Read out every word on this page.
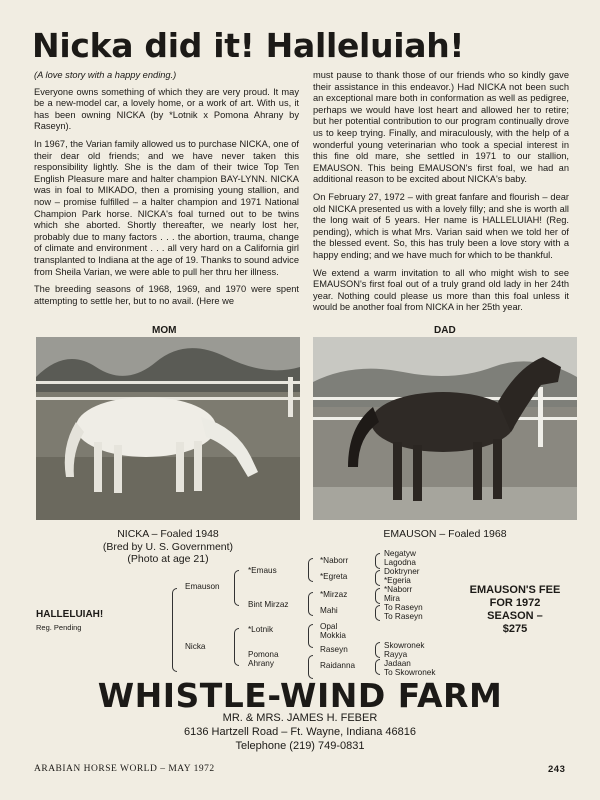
Nicka did it! Halleluiah!

(A love story with a happy ending.)

Everyone owns something of which they are very proud. It may be a new-model car, a lovely home, or a work of art. With us, it has been owning NICKA (by *Lotnik x Pomona Ahrany by Raseyn).

In 1967, the Varian family allowed us to purchase NICKA, one of their dear old friends; and we have never taken this responsibility lightly. She is the dam of their twice Top Ten English Pleasure mare and halter champion BAY-LYNN. NICKA was in foal to MIKADO, then a promising young stallion, and now – promise fulfilled – a halter champion and 1971 National Champion Park horse. NICKA's foal turned out to be twins which she aborted. Shortly thereafter, we nearly lost her, probably due to many factors . . . the abortion, trauma, change of climate and environment . . . all very hard on a California girl transplanted to Indiana at the age of 19. Thanks to sound advice from Sheila Varian, we were able to pull her thru her illness.

The breeding seasons of 1968, 1969, and 1970 were spent attempting to settle her, but to no avail. (Here we

must pause to thank those of our friends who so kindly gave their assistance in this endeavor.) Had NICKA not been such an exceptional mare both in conformation as well as pedigree, perhaps we would have lost heart and allowed her to retire; but her potential contribution to our program continually drove us to keep trying. Finally, and miraculously, with the help of a wonderful young veterinarian who took a special interest in this fine old mare, she settled in 1971 to our stallion, EMAUSON. This being EMAUSON's first foal, we had an additional reason to be excited about NICKA's baby.

On February 27, 1972 – with great fanfare and flourish – dear old NICKA presented us with a lovely filly; and she is worth all the long wait of 5 years. Her name is HALLELUIAH! (Reg. pending), which is what Mrs. Varian said when we told her of the blessed event. So, this has truly been a love story with a happy ending; and we have much for which to be thankful.

We extend a warm invitation to all who might wish to see EMAUSON's first foal out of a truly grand old lady in her 24th year. Nothing could please us more than this foal unless it would be another foal from NICKA in her 25th year.

MOM	DAD
NICKA – Foaled 1948
(Bred by U. S. Government)
(Photo at age 21)
EMAUSON – Foaled 1968
HALLELUIAH!
Reg. Pending
Emauson
Nicka
*Emaus
Bint Mirzaz
*Lotnik
Pomona Ahrany
*Naborr
*Egreta
*Mirzaz
Mahi
Opal Mokkia
Raseyn
Raidanna
Negatyw
Lagodna
Doktryner
*Egeria
*Naborr
Mira
To Raseyn
To Raseyn
Skowronek
Rayya
Jadaan
To Skowronek
EMAUSON'S FEE
FOR 1972
SEASON –
$275
WHISTLE-WIND FARM
MR. & MRS. JAMES H. FEBER
6136 Hartzell Road – Ft. Wayne, Indiana 46816
Telephone (219) 749-0831
ARABIAN HORSE WORLD – MAY 1972	243
